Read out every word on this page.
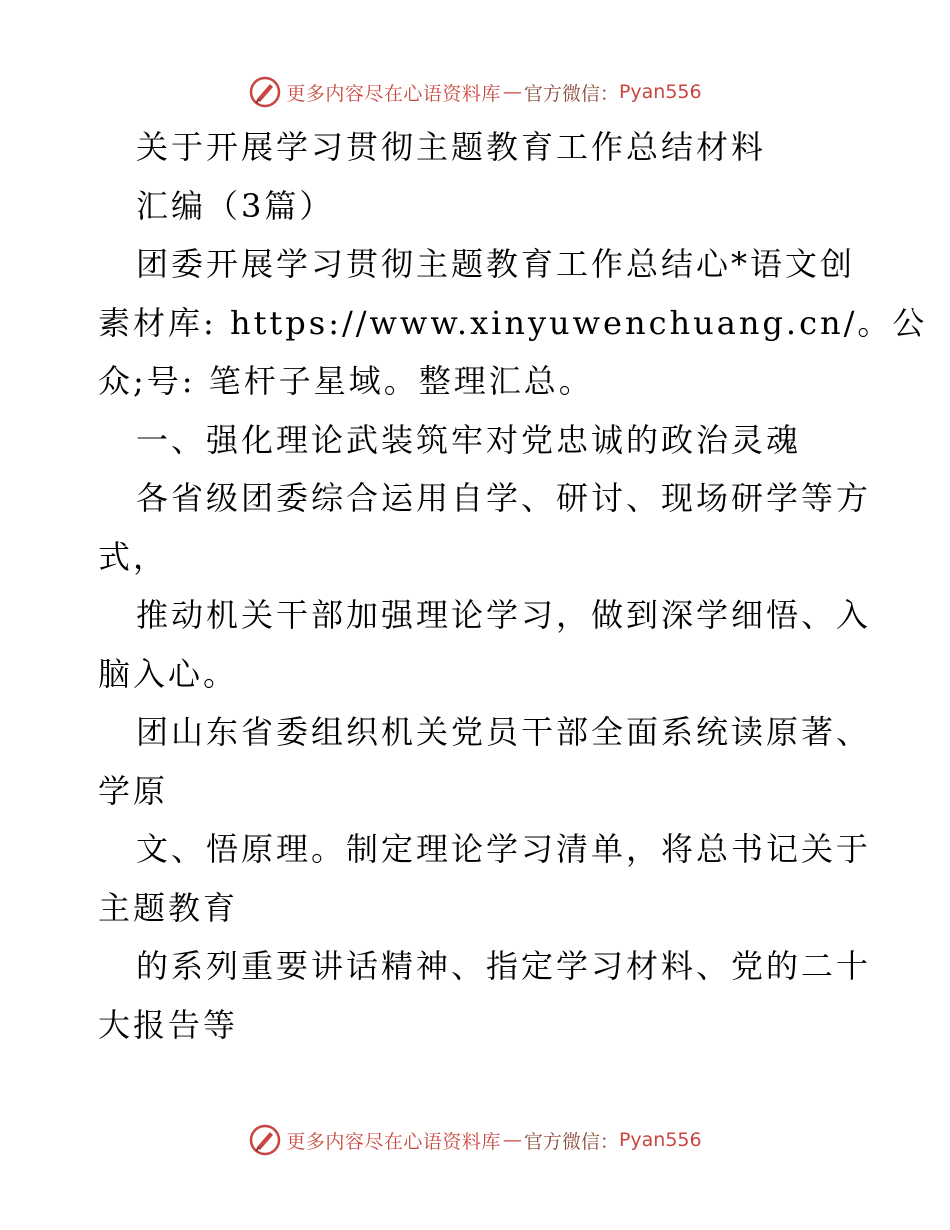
更多内容尽在心语资料库 — 官方微信： Pyan556

关于开展学习贯彻主题教育工作总结材料

汇编（3篇）

团委开展学习贯彻主题教育工作总结心*语文创

素材库: https://www.xinyuwenchuang.cn/。公

众;号: 笔杆子星域。整理汇总。

一、强化理论武装筑牢对党忠诚的政治灵魂

各省级团委综合运用自学、研讨、现场研学等方

式，

推动机关干部加强理论学习，做到深学细悟、入

脑入心。

团山东省委组织机关党员干部全面系统读原著、

学原

文、悟原理。制定理论学习清单，将总书记关于

主题教育

的系列重要讲话精神、指定学习材料、党的二十

大报告等

更多内容尽在心语资料库 — 官方微信： Pyan556
